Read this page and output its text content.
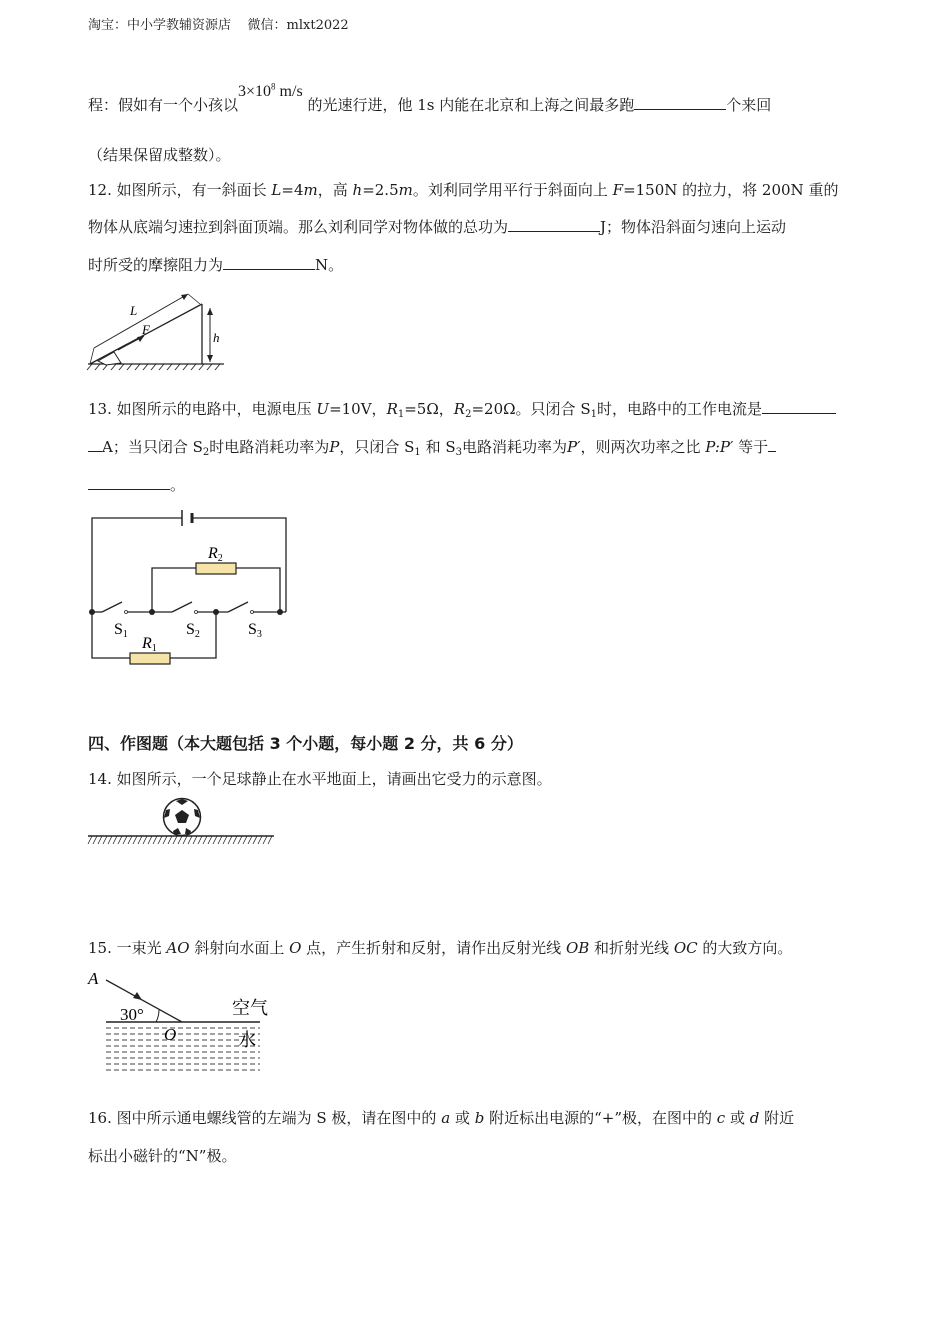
淘宝：中小学教辅资源店    微信：mlxt2022
程：假如有一个小孩以$3\times 10^8$ m/s 的光速行进，他 1s 内能在北京和上海之间最多跑	个来回
（结果保留成整数）。
12. 如图所示，有一斜面长 L=4m，高 h=2.5m。刘利同学用平行于斜面向上 F=150N 的拉力，将 200N 重的
物体从底端匀速拉到斜面顶端。那么刘利同学对物体做的总功为	J；物体沿斜面匀速向上运动
时所受的摩擦阻力为	N。
L
F
h
13. 如图所示的电路中，电源电压 U=10V，$R_1=5\Omega$，$R_2=20\Omega$。只闭合 $S_1$时，电路中的工作电流是
A；当只闭合 $S_2$时电路消耗功率为P，只闭合 $S_1$ 和 $S_3$电路消耗功率为P′，则两次功率之比 P:P′ 等于
。
R2
R1
S1	S2	S3
四、作图题（本大题包括 3 个小题，每小题 2 分，共 6 分）
14. 如图所示，一个足球静止在水平地面上，请画出它受力的示意图。
15. 一束光 AO 斜射向水面上 O 点，产生折射和反射，请作出反射光线 OB 和折射光线 OC 的大致方向。
A
30°
O
空气
水
16. 图中所示通电螺线管的左端为 S 极，请在图中的 a 或 b 附近标出电源的“+”极，在图中的 c 或 d 附近
标出小磁针的“N”极。
